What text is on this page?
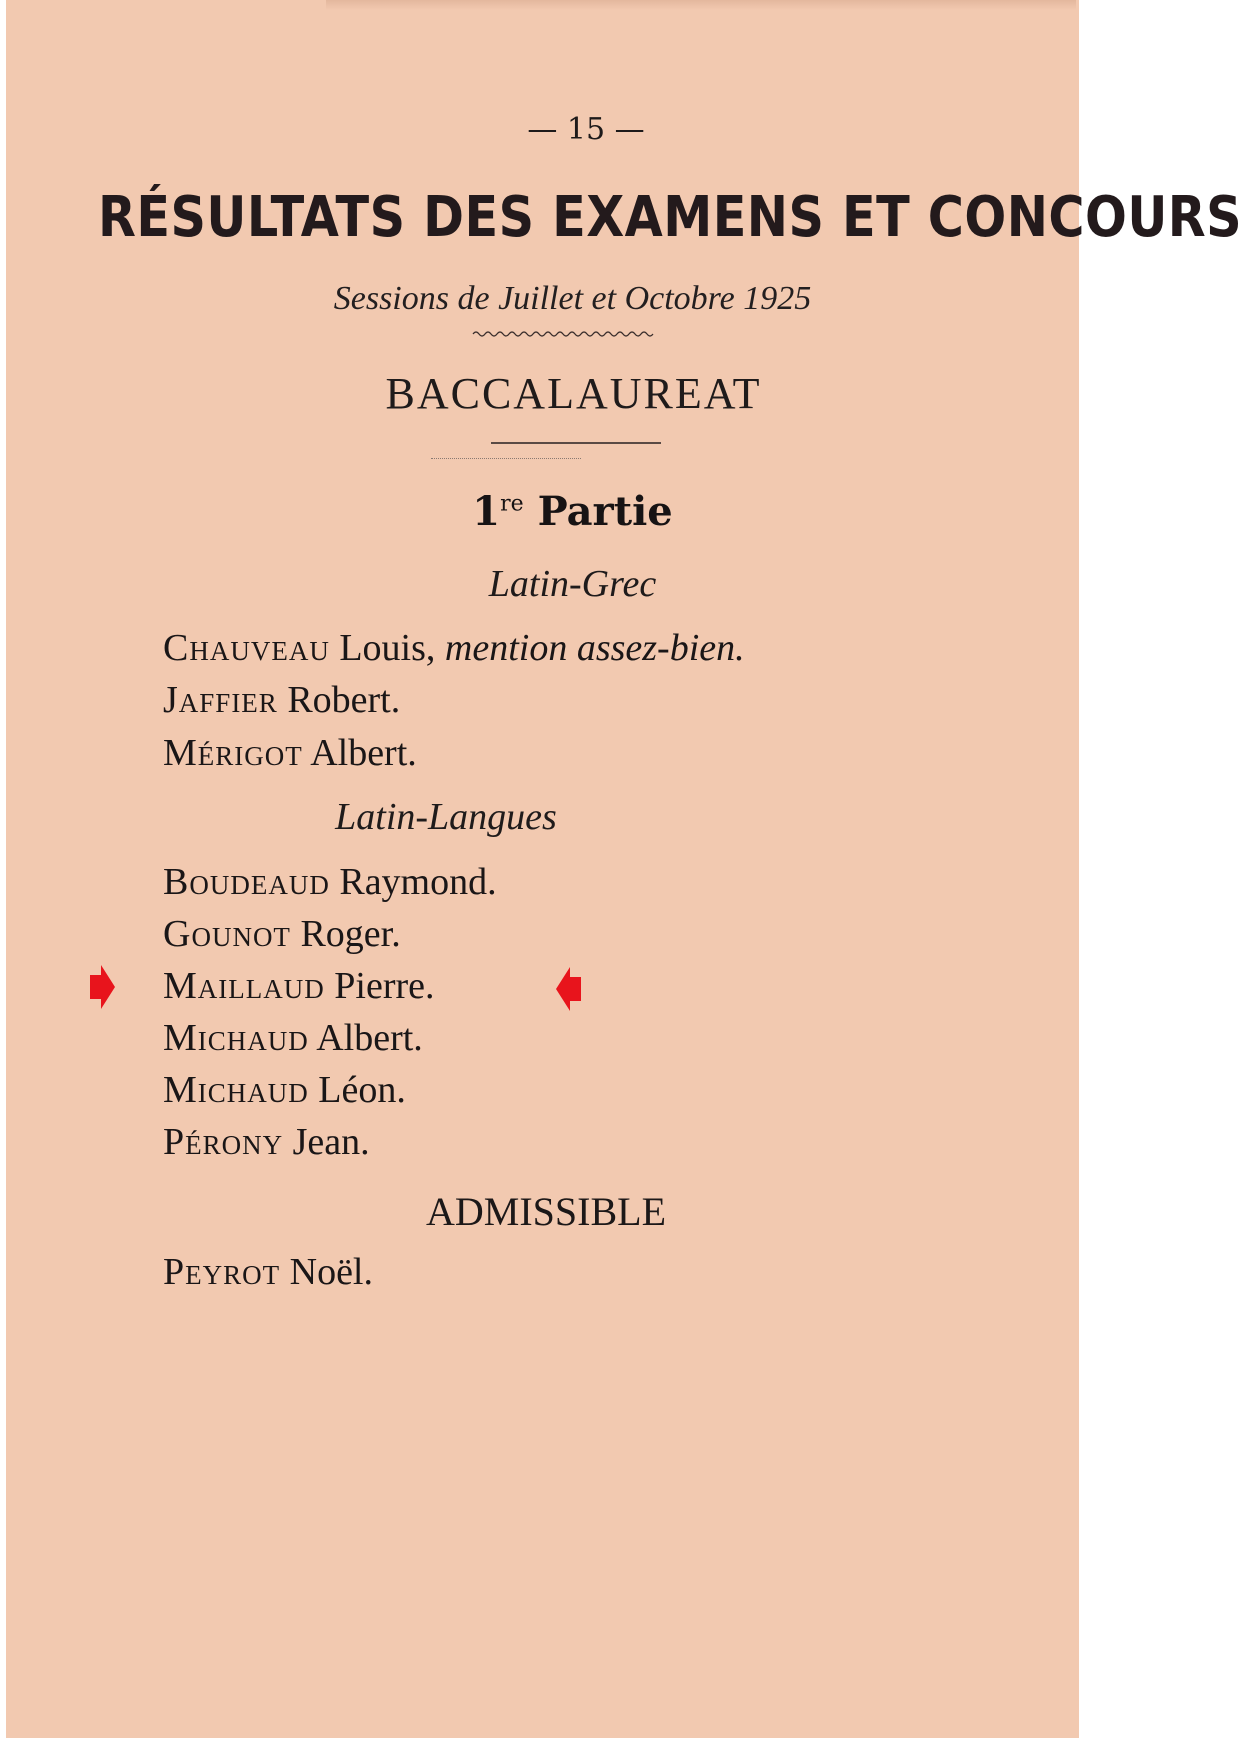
— 15 —
RÉSULTATS DES EXAMENS ET CONCOURS
Sessions de Juillet et Octobre 1925
BACCALAUREAT
1re Partie
Latin-Grec
Chauveau Louis, mention assez-bien.
Jaffier Robert.
Mérigot Albert.
Latin-Langues
Boudeaud Raymond.
Gounot Roger.
Maillaud Pierre.
Michaud Albert.
Michaud Léon.
Pérony Jean.
ADMISSIBLE
Peyrot Noël.
